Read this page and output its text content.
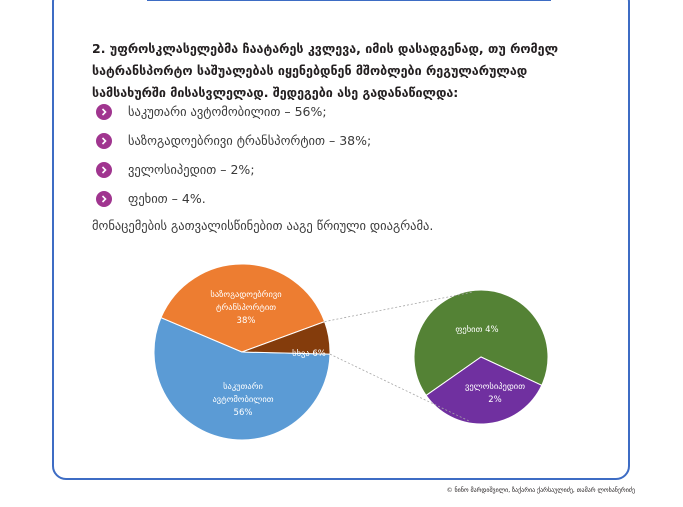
2. უფროსკლასელებმა ჩაატარეს კვლევა, იმის დასადგენად, თუ რომელ სატრანსპორტო საშუალებას იყენებდნენ მშობლები რეგულარულად სამსახურში მისასვლელად. შედეგები ასე გადანაწილდა:

საკუთარი ავტომობილით – 56%;
საზოგადოებრივი ტრანსპორტით – 38%;
ველოსიპედით – 2%;
ფეხით – 4%.

მონაცემების გათვალისწინებით ააგე წრიული დიაგრამა.

საკუთარი ავტომობილით 56%
საზოგადოებრივი ტრანსპორტით 38%
სხვა 6%
ფეხით 4%
ველოსიპედით 2%
© ნინო მარდიშვილი, ზაქარია ქარსაულიძე, თამარ ლოხანერიძე
